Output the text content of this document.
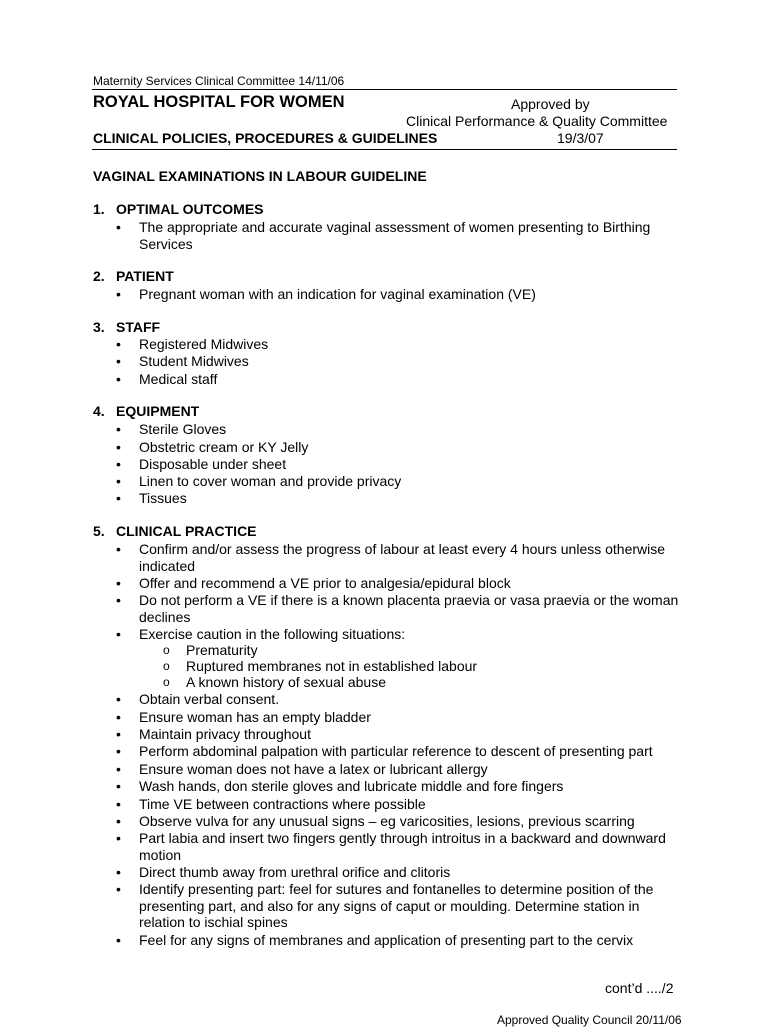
Maternity Services Clinical Committee 14/11/06
ROYAL HOSPITAL FOR WOMEN	Approved by
Clinical Performance & Quality Committee
CLINICAL POLICIES, PROCEDURES & GUIDELINES	19/3/07
VAGINAL EXAMINATIONS IN LABOUR GUIDELINE
1. OPTIMAL OUTCOMES
• The appropriate and accurate vaginal assessment of women presenting to Birthing Services
2. PATIENT
• Pregnant woman with an indication for vaginal examination (VE)
3. STAFF
• Registered Midwives
• Student Midwives
• Medical staff
4. EQUIPMENT
• Sterile Gloves
• Obstetric cream or KY Jelly
• Disposable under sheet
• Linen to cover woman and provide privacy
• Tissues
5. CLINICAL PRACTICE
• Confirm and/or assess the progress of labour at least every 4 hours unless otherwise indicated
• Offer and recommend a VE prior to analgesia/epidural block
• Do not perform a VE if there is a known placenta praevia or vasa praevia or the woman declines
• Exercise caution in the following situations:
o Prematurity
o Ruptured membranes not in established labour
o A known history of sexual abuse
• Obtain verbal consent.
• Ensure woman has an empty bladder
• Maintain privacy throughout
• Perform abdominal palpation with particular reference to descent of presenting part
• Ensure woman does not have a latex or lubricant allergy
• Wash hands, don sterile gloves and lubricate middle and fore fingers
• Time VE between contractions where possible
• Observe vulva for any unusual signs – eg varicosities, lesions, previous scarring
• Part labia and insert two fingers gently through introitus in a backward and downward motion
• Direct thumb away from urethral orifice and clitoris
• Identify presenting part: feel for sutures and fontanelles to determine position of the presenting part, and also for any signs of caput or moulding. Determine station in relation to ischial spines
• Feel for any signs of membranes and application of presenting part to the cervix
cont’d ..../2
Approved Quality Council 20/11/06
